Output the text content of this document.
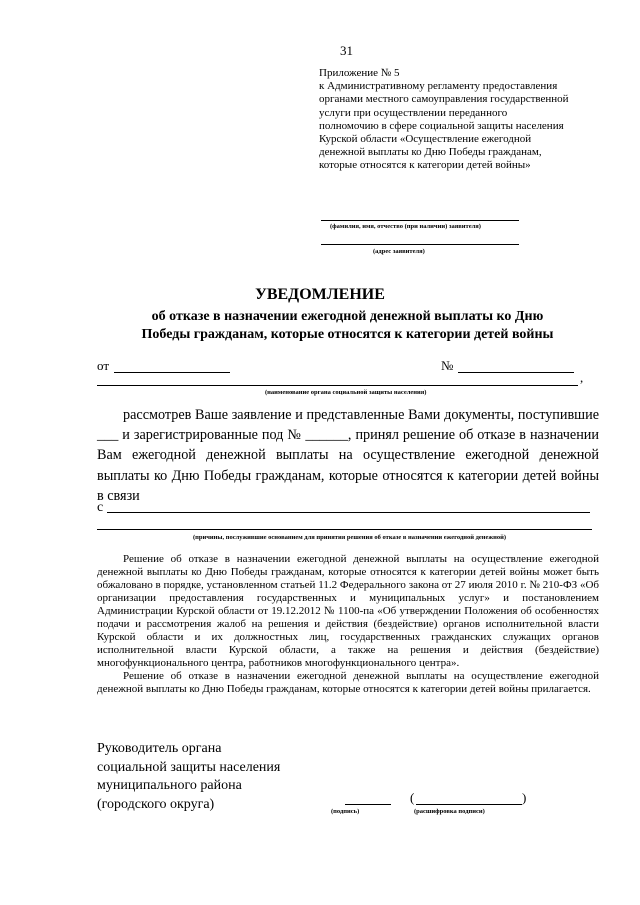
31
Приложение № 5
к Административному регламенту предоставления
органами местного самоуправления государственной
услуги при осуществлении переданного
полномочию в сфере социальной защиты населения
Курской области «Осуществление ежегодной
денежной выплаты ко Дню Победы гражданам,
которые относятся к категории детей войны»
(фамилия, имя, отчество (при наличии) заявителя)
(адрес заявителя)
УВЕДОМЛЕНИЕ
об отказе в назначении ежегодной денежной выплаты ко Дню
Победы гражданам, которые относятся к категории детей войны
от	№
,
(наименование органа социальной защиты населения)

рассмотрев Ваше заявление и представленные Вами документы, поступившие ___ и зарегистрированные под № ______, принял решение об отказе в назначении Вам ежегодной денежной выплаты на осуществление ежегодной денежной выплаты ко Дню Победы гражданам, которые относятся к категории детей войны в связи

с
(причины, послужившие основанием для принятия решения об отказе в назначении ежегодной денежной)

Решение об отказе в назначении ежегодной денежной выплаты на осуществление ежегодной денежной выплаты ко Дню Победы гражданам, которые относятся к категории детей войны может быть обжаловано в порядке, установленном статьей 11.2 Федерального закона от 27 июля 2010 г. № 210-ФЗ «Об организации предоставления государственных и муниципальных услуг» и постановлением Администрации Курской области от 19.12.2012 № 1100-па «Об утверждении Положения об особенностях подачи и рассмотрения жалоб на решения и действия (бездействие) органов исполнительной власти Курской области и их должностных лиц, государственных гражданских служащих органов исполнительной власти Курской области, а также на решения и действия (бездействие) многофункционального центра, работников многофункционального центра».

Решение об отказе в назначении ежегодной денежной выплаты на осуществление ежегодной денежной выплаты ко Дню Победы гражданам, которые относятся к категории детей войны прилагается.

Руководитель органа
социальной защиты населения
муниципального района
(городского округа)	(подпись)
(	)
(расшифровка подписи)
